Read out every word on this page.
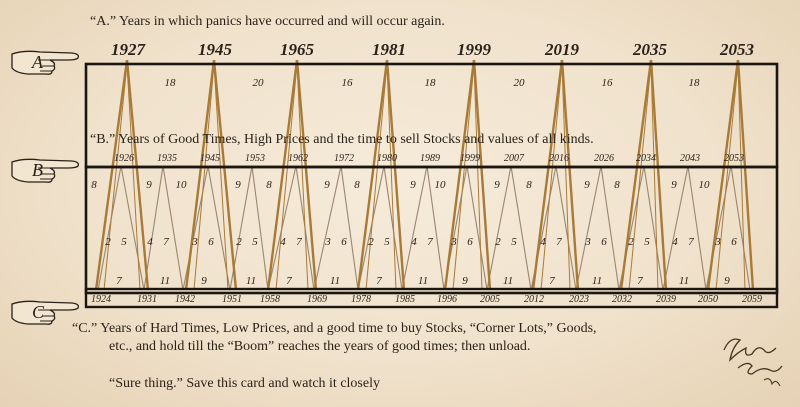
18	20	16	18	20	16	18
8	10	8	8	10	8	8	10
9	9	9	9	9	9	9
2 5 4 7 3 6 2 5 4 7 3 6 2 5 4 7 3 6 2 5 4 7 3 6 2 5 4 7 3 6
7	9	7	7	9	7	7	9
11	11	11	11	11	11	11
A
B
C
“A.” Years in which panics have occurred and will occur again.
“B.” Years of Good Times, High Prices and the time to sell Stocks and values of all kinds.
“C.” Years of Hard Times, Low Prices, and a good time to buy Stocks, “Corner Lots,” Goods,
etc., and hold till the “Boom” reaches the years of good times; then unload.
“Sure thing.” Save this card and watch it closely
1927	1945	1965	1981	1999	2019	2035	2053
1926 1935 1945	1953 1962	1972 1980 1989 1999 2007	2016	2026 2034 2043 2053
1924	1931 1942	1951 1958	1969 1978 1985 1996 2005 2012	2023 2032 2039 2050 2059
